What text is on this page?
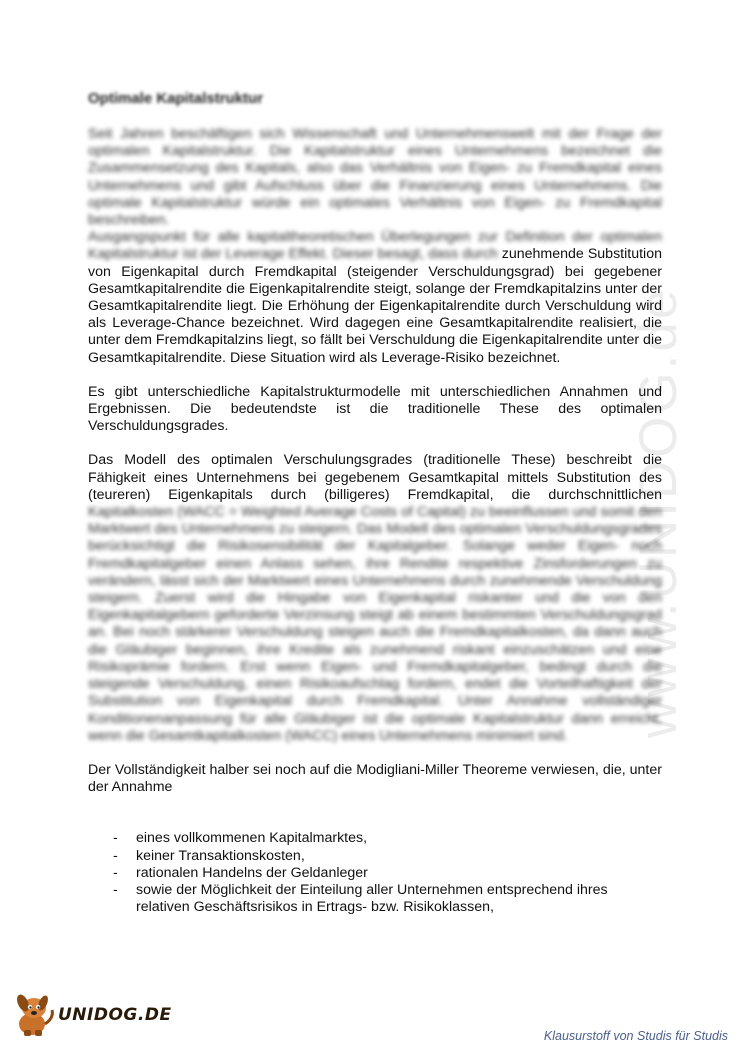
www.UNIDOG.de
Optimale Kapitalstruktur

Seit Jahren beschäftigen sich Wissenschaft und Unternehmenswelt mit der Frage der optimalen Kapitalstruktur. Die Kapitalstruktur eines Unternehmens bezeichnet die Zusammensetzung des Kapitals, also das Verhältnis von Eigen- zu Fremdkapital eines Unternehmens und gibt Aufschluss über die Finanzierung eines Unternehmens. Die optimale Kapitalstruktur würde ein optimales Verhältnis von Eigen- zu Fremdkapital beschreiben.

Ausgangspunkt für alle kapitaltheoretischen Überlegungen zur Definition der optimalen Kapitalstruktur ist der Leverage Effekt. Dieser besagt, dass durch zunehmende Substitution von Eigenkapital durch Fremdkapital (steigender Verschuldungsgrad) bei gegebener Gesamtkapitalrendite die Eigenkapitalrendite steigt, solange der Fremdkapitalzins unter der Gesamtkapitalrendite liegt. Die Erhöhung der Eigenkapitalrendite durch Verschuldung wird als Leverage-Chance bezeichnet. Wird dagegen eine Gesamtkapitalrendite realisiert, die unter dem Fremdkapitalzins liegt, so fällt bei Verschuldung die Eigenkapitalrendite unter die Gesamtkapitalrendite. Diese Situation wird als Leverage-Risiko bezeichnet.

Es gibt unterschiedliche Kapitalstrukturmodelle mit unterschiedlichen Annahmen und Ergebnissen. Die bedeutendste ist die traditionelle These des optimalen Verschuldungsgrades.

Das Modell des optimalen Verschulungsgrades (traditionelle These) beschreibt die Fähigkeit eines Unternehmens bei gegebenem Gesamtkapital mittels Substitution des (teureren) Eigenkapitals durch (billigeres) Fremdkapital, die durchschnittlichen Kapitalkosten (WACC = Weighted Average Costs of Capital) zu beeinflussen und somit den Marktwert des Unternehmens zu steigern. Das Modell des optimalen Verschuldungsgrades berücksichtigt die Risikosensibilität der Kapitalgeber. Solange weder Eigen- noch Fremdkapitalgeber einen Anlass sehen, ihre Rendite respektive Zinsforderungen zu verändern, lässt sich der Marktwert eines Unternehmens durch zunehmende Verschuldung steigern. Zuerst wird die Hingabe von Eigenkapital riskanter und die von den Eigenkapitalgebern geforderte Verzinsung steigt ab einem bestimmten Verschuldungsgrad an. Bei noch stärkerer Verschuldung steigen auch die Fremdkapitalkosten, da dann auch die Gläubiger beginnen, ihre Kredite als zunehmend riskant einzuschätzen und eine Risikoprämie fordern. Erst wenn Eigen- und Fremdkapitalgeber, bedingt durch die steigende Verschuldung, einen Risikoaufschlag fordern, endet die Vorteilhaftigkeit der Substitution von Eigenkapital durch Fremdkapital. Unter Annahme vollständiger Konditionenanpassung für alle Gläubiger ist die optimale Kapitalstruktur dann erreicht, wenn die Gesamtkapitalkosten (WACC) eines Unternehmens minimiert sind.

Der Vollständigkeit halber sei noch auf die Modigliani-Miller Theoreme verwiesen, die, unter der Annahme

- eines vollkommenen Kapitalmarktes,
- keiner Transaktionskosten,
- rationalen Handelns der Geldanleger
- sowie der Möglichkeit der Einteilung aller Unternehmen entsprechend ihres relativen Geschäftsrisikos in Ertrags- bzw. Risikoklassen,
UNIDOG.DE
Klausurstoff von Studis für Studis
